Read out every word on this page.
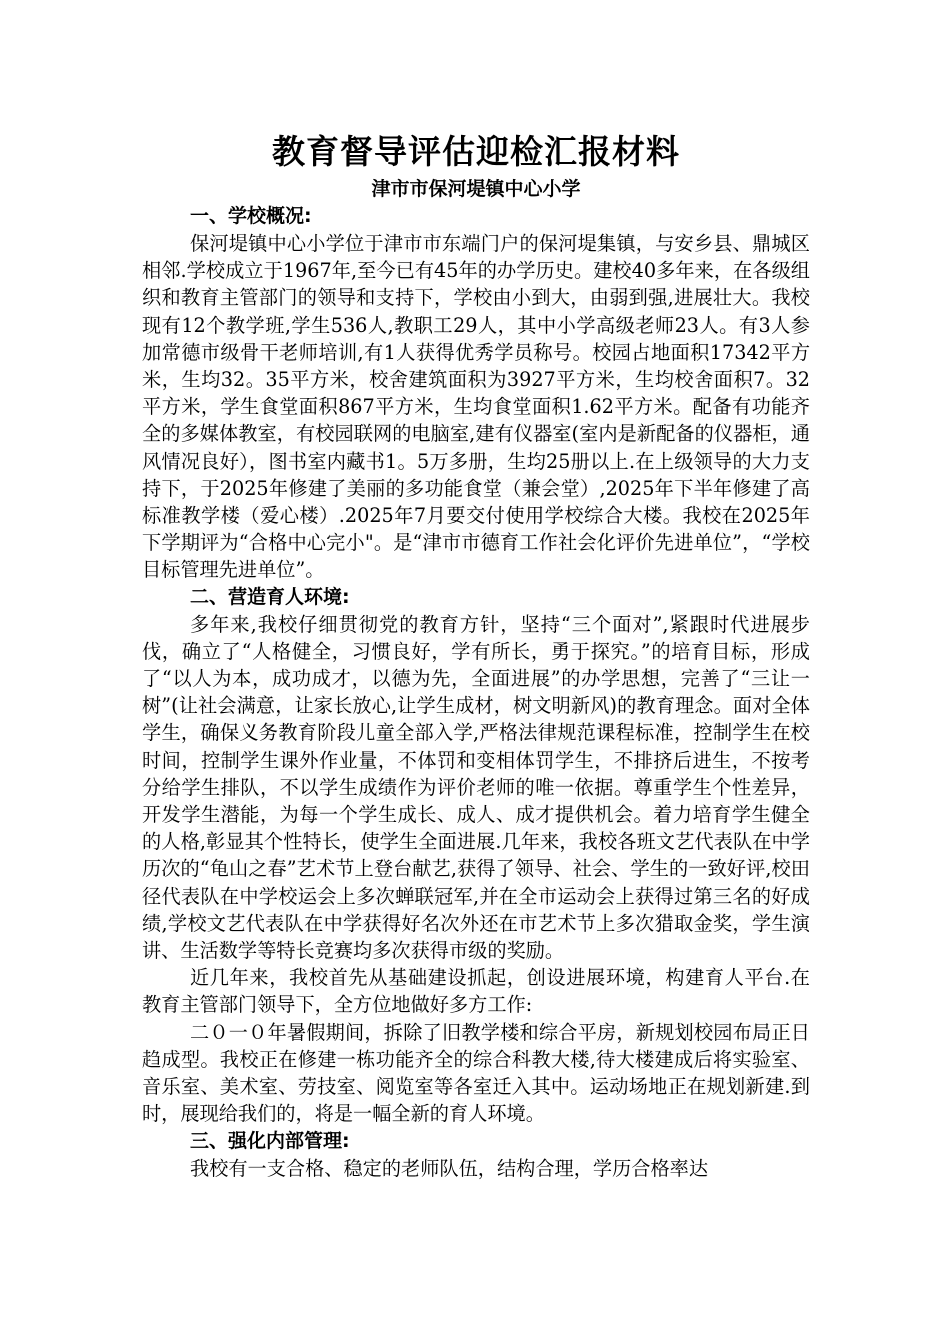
教育督导评估迎检汇报材料
津市市保河堤镇中心小学
一、学校概况:

保河堤镇中心小学位于津市市东端门户的保河堤集镇，与安乡县、鼎城区相邻.学校成立于1967年,至今已有45年的办学历史。建校40多年来，在各级组织和教育主管部门的领导和支持下，学校由小到大，由弱到强,进展壮大。我校现有12个教学班,学生536人,教职工29人，其中小学高级老师23人。有3人参加常德市级骨干老师培训,有1人获得优秀学员称号。校园占地面积17342平方米，生均32。35平方米，校舍建筑面积为3927平方米，生均校舍面积7。32平方米，学生食堂面积867平方米，生均食堂面积1.62平方米。配备有功能齐全的多媒体教室，有校园联网的电脑室,建有仪器室(室内是新配备的仪器柜，通风情况良好），图书室内藏书1。5万多册，生均25册以上.在上级领导的大力支持下，于2025年修建了美丽的多功能食堂（兼会堂）,2025年下半年修建了高标准教学楼（爱心楼）.2025年7月要交付使用学校综合大楼。我校在2025年下学期评为“合格中心完小"。是“津市市德育工作社会化评价先进单位”，“学校目标管理先进单位”。

二、营造育人环境:

多年来,我校仔细贯彻党的教育方针，坚持“三个面对”,紧跟时代进展步伐，确立了“人格健全，习惯良好，学有所长，勇于探究。”的培育目标，形成了“以人为本，成功成才，以德为先，全面进展”的办学思想，完善了“三让一树”(让社会满意，让家长放心,让学生成材，树文明新风)的教育理念。面对全体学生，确保义务教育阶段儿童全部入学,严格法律规范课程标准，控制学生在校时间，控制学生课外作业量，不体罚和变相体罚学生，不排挤后进生，不按考分给学生排队，不以学生成绩作为评价老师的唯一依据。尊重学生个性差异，开发学生潜能，为每一个学生成长、成人、成才提供机会。着力培育学生健全的人格,彰显其个性特长，使学生全面进展.几年来，我校各班文艺代表队在中学历次的“龟山之春”艺术节上登台献艺,获得了领导、社会、学生的一致好评,校田径代表队在中学校运会上多次蝉联冠军,并在全市运动会上获得过第三名的好成绩,学校文艺代表队在中学获得好名次外还在市艺术节上多次猎取金奖，学生演讲、生活数学等特长竞赛均多次获得市级的奖励。

近几年来，我校首先从基础建设抓起，创设进展环境，构建育人平台.在教育主管部门领导下，全方位地做好多方工作:

二０一０年暑假期间，拆除了旧教学楼和综合平房，新规划校园布局正日趋成型。我校正在修建一栋功能齐全的综合科教大楼,待大楼建成后将实验室、音乐室、美术室、劳技室、阅览室等各室迁入其中。运动场地正在规划新建.到时，展现给我们的，将是一幅全新的育人环境。

三、强化内部管理:

我校有一支合格、稳定的老师队伍，结构合理，学历合格率达
